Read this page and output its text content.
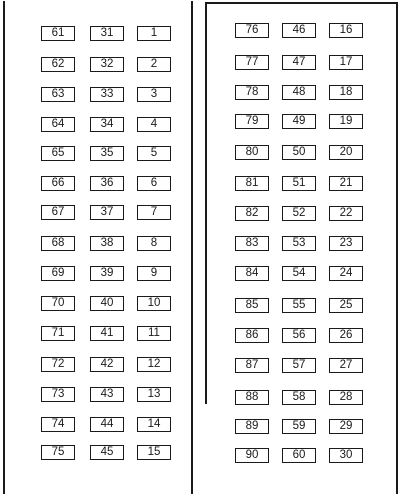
61
62
63
64
65
66
67
68
69
70
71
72
73
74
75
31
32
33
34
35
36
37
38
39
40
41
42
43
44
45
1
2
3
4
5
6
7
8
9
10
11
12
13
14
15
76
77
78
79
80
81
82
83
84
85
86
87
88
89
90
46
47
48
49
50
51
52
53
54
55
56
57
58
59
60
16
17
18
19
20
21
22
23
24
25
26
27
28
29
30
